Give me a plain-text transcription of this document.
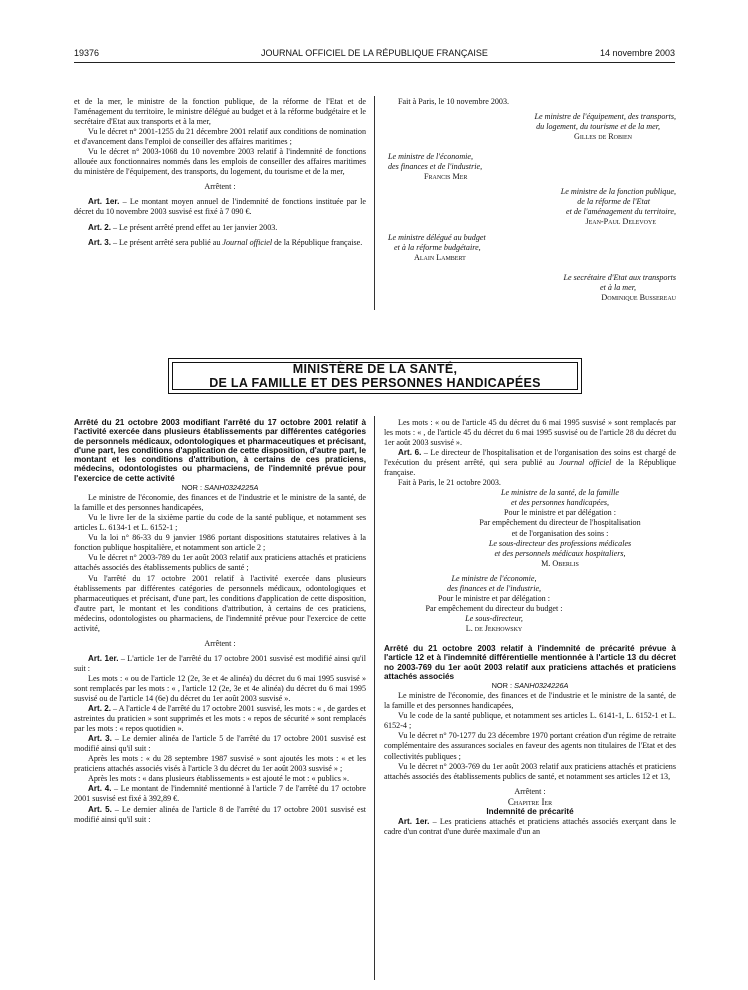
19376	JOURNAL OFFICIEL DE LA RÉPUBLIQUE FRANÇAISE	14 novembre 2003

et de la mer, le ministre de la fonction publique, de la réforme de l'Etat et de l'aménagement du territoire, le ministre délégué au budget et à la réforme budgétaire et le secrétaire d'Etat aux transports et à la mer,

Vu le décret n° 2001-1255 du 21 décembre 2001 relatif aux conditions de nomination et d'avancement dans l'emploi de conseiller des affaires maritimes ;

Vu le décret n° 2003-1068 du 10 novembre 2003 relatif à l'indemnité de fonctions allouée aux fonctionnaires nommés dans les emplois de conseiller des affaires maritimes du ministère de l'équipement, des transports, du logement, du tourisme et de la mer,

Arrêtent :

Art. 1er. – Le montant moyen annuel de l'indemnité de fonctions instituée par le décret du 10 novembre 2003 susvisé est fixé à 7 090 €.

Art. 2. – Le présent arrêté prend effet au 1er janvier 2003.

Art. 3. – Le présent arrêté sera publié au Journal officiel de la République française.

Fait à Paris, le 10 novembre 2003.

Le ministre de l'équipement, des transports,

du logement, du tourisme et de la mer,

Gilles de Robien

Le ministre de l'économie,

des finances et de l'industrie,

Francis Mer

Le ministre de la fonction publique,

de la réforme de l'Etat

et de l'aménagement du territoire,

Jean-Paul Delevoye

Le ministre délégué au budget

et à la réforme budgétaire,

Alain Lambert

Le secrétaire d'Etat aux transports

et à la mer,

Dominique Bussereau

MINISTÈRE DE LA SANTÉ,
DE LA FAMILLE ET DES PERSONNES HANDICAPÉES

Arrêté du 21 octobre 2003 modifiant l'arrêté du 17 octobre 2001 relatif à l'activité exercée dans plusieurs établissements par différentes catégories de personnels médicaux, odontologiques et pharmaceutiques et précisant, d'une part, les conditions d'application de cette disposition, d'autre part, le montant et les conditions d'attribution, à certains de ces praticiens, médecins, odontologistes ou pharmaciens, de l'indemnité prévue pour l'exercice de cette activité

NOR : SANH0324225A

Le ministre de l'économie, des finances et de l'industrie et le ministre de la santé, de la famille et des personnes handicapées,

Vu le livre Ier de la sixième partie du code de la santé publique, et notamment ses articles L. 6134-1 et L. 6152-1 ;

Vu la loi n° 86-33 du 9 janvier 1986 portant dispositions statutaires relatives à la fonction publique hospitalière, et notamment son article 2 ;

Vu le décret n° 2003-789 du 1er août 2003 relatif aux praticiens attachés et praticiens attachés associés des établissements publics de santé ;

Vu l'arrêté du 17 octobre 2001 relatif à l'activité exercée dans plusieurs établissements par différentes catégories de personnels médicaux, odontologiques et pharmaceutiques et précisant, d'une part, les conditions d'application de cette disposition, d'autre part, le montant et les conditions d'attribution, à certains de ces praticiens, médecins, odontologistes ou pharmaciens, de l'indemnité prévue pour l'exercice de cette activité,

Arrêtent :

Art. 1er. – L'article 1er de l'arrêté du 17 octobre 2001 susvisé est modifié ainsi qu'il suit :

Les mots : « ou de l'article 12 (2e, 3e et 4e alinéa) du décret du 6 mai 1995 susvisé » sont remplacés par les mots : « , l'article 12 (2e, 3e et 4e alinéa) du décret du 6 mai 1995 susvisé ou de l'article 14 (6e) du décret du 1er août 2003 susvisé ».

Art. 2. – A l'article 4 de l'arrêté du 17 octobre 2001 susvisé, les mots : « , de gardes et astreintes du praticien » sont supprimés et les mots : « repos de sécurité » sont remplacés par les mots : « repos quotidien ».

Art. 3. – Le dernier alinéa de l'article 5 de l'arrêté du 17 octobre 2001 susvisé est modifié ainsi qu'il suit :

Après les mots : « du 28 septembre 1987 susvisé » sont ajoutés les mots : « et les praticiens attachés associés visés à l'article 3 du décret du 1er août 2003 susvisé » ;

Après les mots : « dans plusieurs établissements » est ajouté le mot : « publics ».

Art. 4. – Le montant de l'indemnité mentionné à l'article 7 de l'arrêté du 17 octobre 2001 susvisé est fixé à 392,89 €.

Art. 5. – Le dernier alinéa de l'article 8 de l'arrêté du 17 octobre 2001 susvisé est modifié ainsi qu'il suit :

Les mots : « ou de l'article 45 du décret du 6 mai 1995 susvisé » sont remplacés par les mots : « , de l'article 45 du décret du 6 mai 1995 susvisé ou de l'article 28 du décret du 1er août 2003 susvisé ».

Art. 6. – Le directeur de l'hospitalisation et de l'organisation des soins est chargé de l'exécution du présent arrêté, qui sera publié au Journal officiel de la République française.

Fait à Paris, le 21 octobre 2003.

Le ministre de la santé, de la famille

et des personnes handicapées,

Pour le ministre et par délégation :

Par empêchement du directeur de l'hospitalisation

et de l'organisation des soins :

Le sous-directeur des professions médicales

et des personnels médicaux hospitaliers,

M. Oberlis

Le ministre de l'économie,

des finances et de l'industrie,

Pour le ministre et par délégation :

Par empêchement du directeur du budget :

Le sous-directeur,

L. de Jekhowsky

Arrêté du 21 octobre 2003 relatif à l'indemnité de précarité prévue à l'article 12 et à l'indemnité différentielle mentionnée à l'article 13 du décret no 2003-769 du 1er août 2003 relatif aux praticiens attachés et praticiens attachés associés

NOR : SANH0324226A

Le ministre de l'économie, des finances et de l'industrie et le ministre de la santé, de la famille et des personnes handicapées,

Vu le code de la santé publique, et notamment ses articles L. 6141-1, L. 6152-1 et L. 6152-4 ;

Vu le décret n° 70-1277 du 23 décembre 1970 portant création d'un régime de retraite complémentaire des assurances sociales en faveur des agents non titulaires de l'Etat et des collectivités publiques ;

Vu le décret n° 2003-769 du 1er août 2003 relatif aux praticiens attachés et praticiens attachés associés des établissements publics de santé, et notamment ses articles 12 et 13,

Arrêtent :

Chapitre Ier

Indemnité de précarité

Art. 1er. – Les praticiens attachés et praticiens attachés associés exerçant dans le cadre d'un contrat d'une durée maximale d'un an
